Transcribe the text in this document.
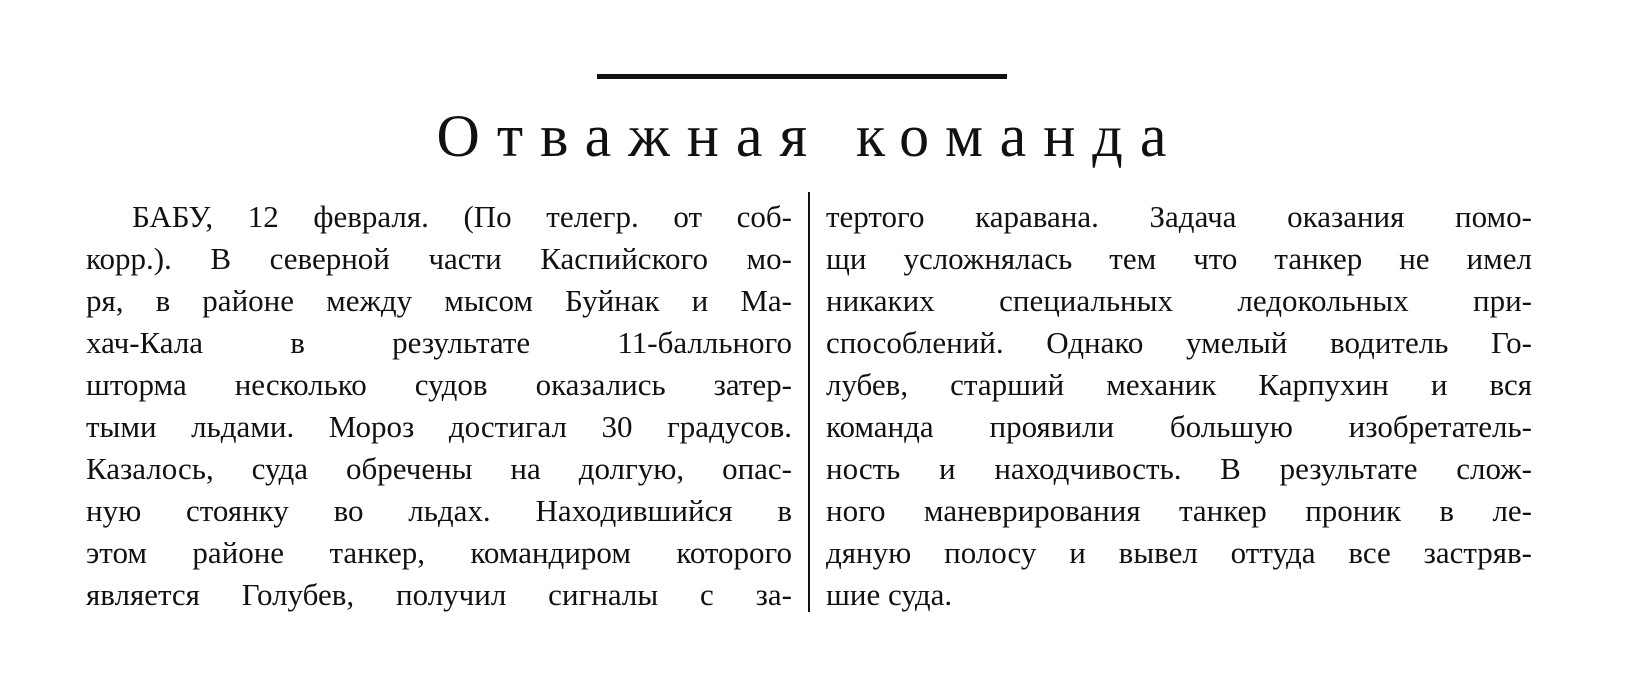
Отважная команда
БАБУ, 12 февраля. (По телегр. от соб-
корр.). В северной части Каспийского мо-
ря, в районе между мысом Буйнак и Ма-
хач-Кала в результате 11-балльного
шторма несколько судов оказались затер-
тыми льдами. Мороз достигал 30 градусов.
Казалось, суда обречены на долгую, опас-
ную стоянку во льдах. Находившийся в
этом районе танкер, командиром которого
является Голубев, получил сигналы с за-
тертого каравана. Задача оказания помо-
щи усложнялась тем что танкер не имел
никаких специальных ледокольных при-
способлений. Однако умелый водитель Го-
лубев, старший механик Карпухин и вся
команда проявили большую изобретатель-
ность и находчивость. В результате слож-
ного маневрирования танкер проник в ле-
дяную полосу и вывел оттуда все застряв-
шие суда.
